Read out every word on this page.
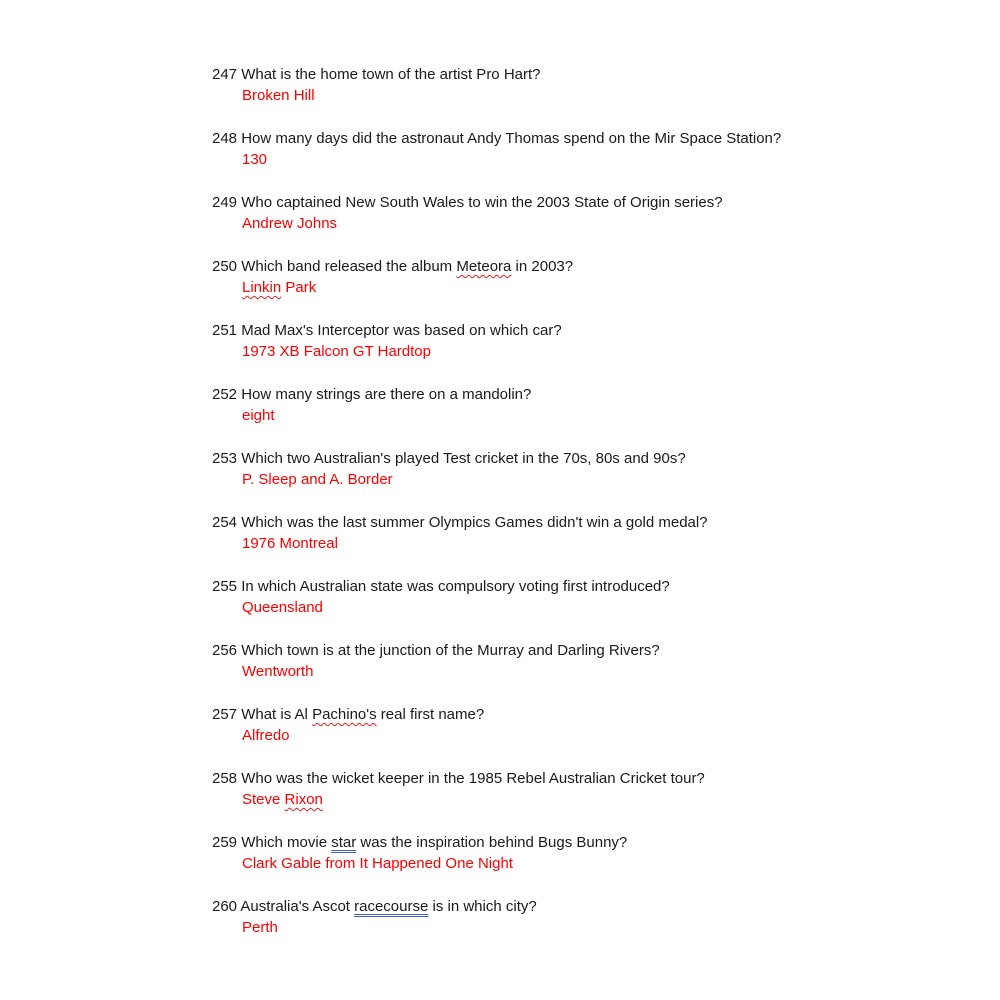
247 What is the home town of the artist Pro Hart?
Broken Hill
248 How many days did the astronaut Andy Thomas spend on the Mir Space Station?
130
249 Who captained New South Wales to win the 2003 State of Origin series?
Andrew Johns
250 Which band released the album Meteora in 2003?
Linkin Park
251 Mad Max's Interceptor was based on which car?
1973 XB Falcon GT Hardtop
252 How many strings are there on a mandolin?
eight
253 Which two Australian's played Test cricket in the 70s, 80s and 90s?
P. Sleep and A. Border
254 Which was the last summer Olympics Games didn't win a gold medal?
1976 Montreal
255 In which Australian state was compulsory voting first introduced?
Queensland
256 Which town is at the junction of the Murray and Darling Rivers?
Wentworth
257 What is Al Pachino's real first name?
Alfredo
258 Who was the wicket keeper in the 1985 Rebel Australian Cricket tour?
Steve Rixon
259 Which movie star was the inspiration behind Bugs Bunny?
Clark Gable from It Happened One Night
260 Australia's Ascot racecourse is in which city?
Perth
